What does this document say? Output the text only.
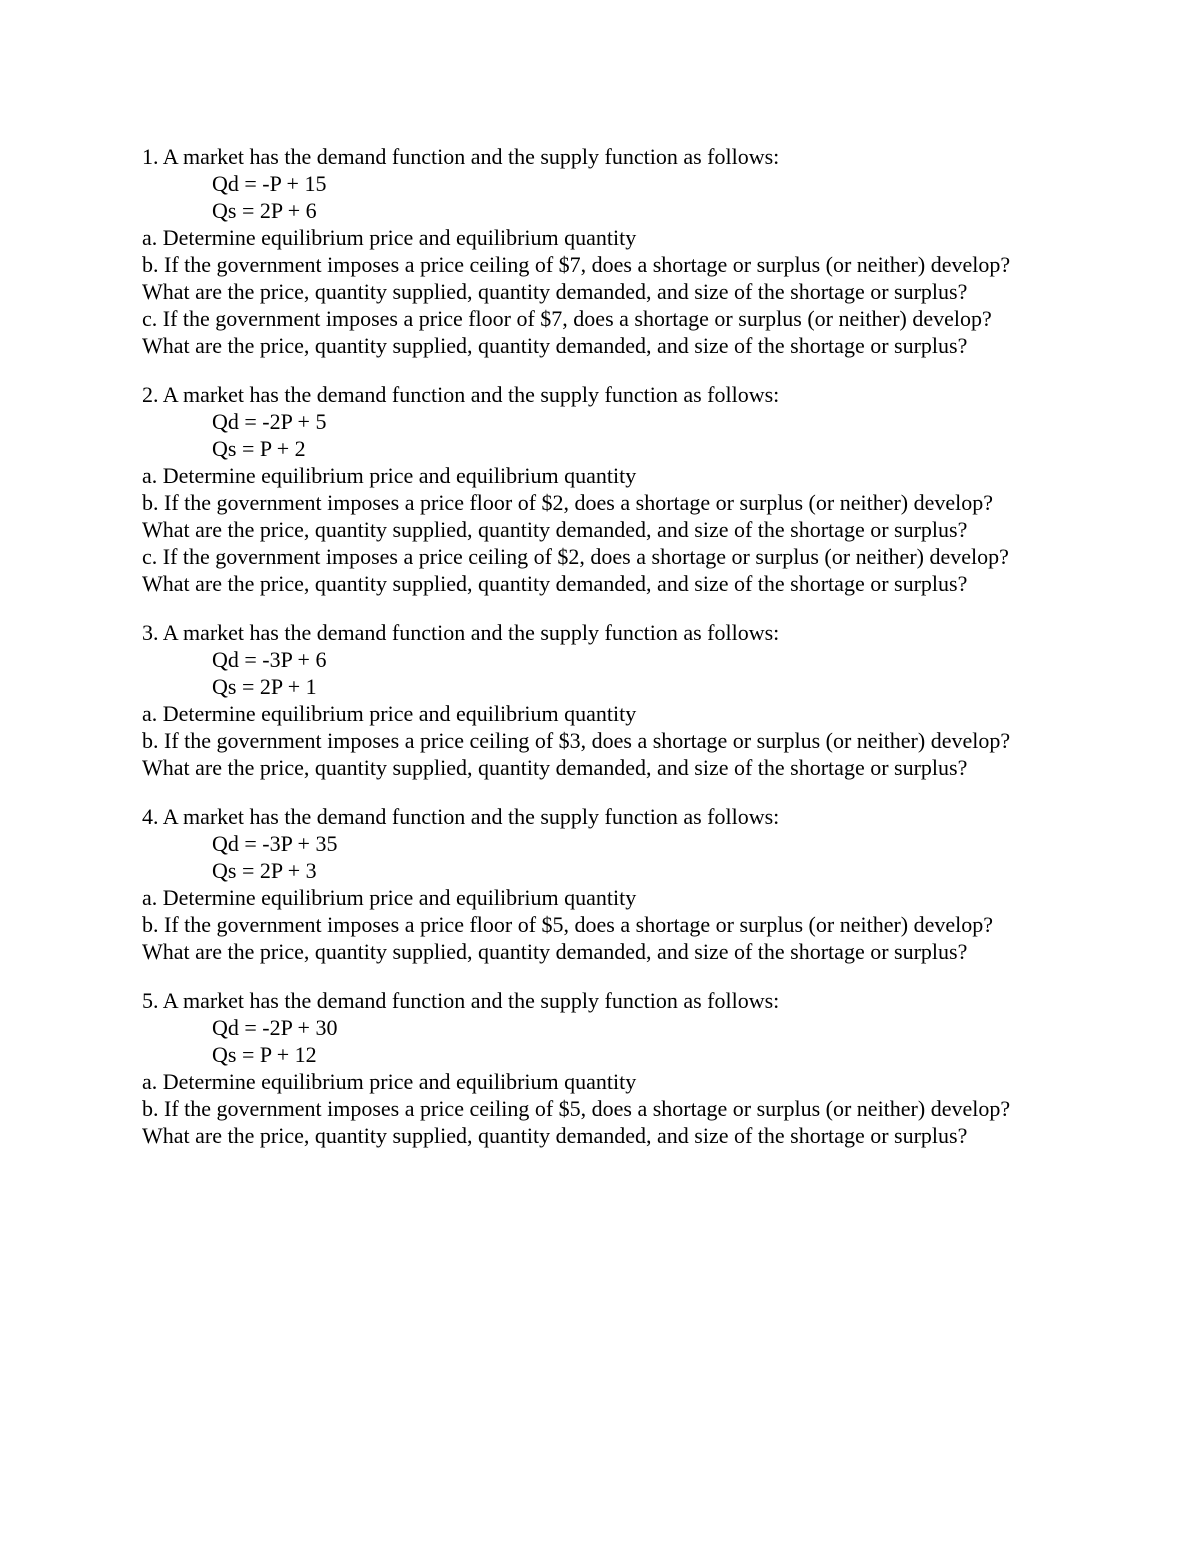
1. A market has the demand function and the supply function as follows:
Qd = -P + 15
Qs = 2P + 6
a. Determine equilibrium price and equilibrium quantity
b. If the government imposes a price ceiling of $7, does a shortage or surplus (or neither) develop?
What are the price, quantity supplied, quantity demanded, and size of the shortage or surplus?
c. If the government imposes a price floor of $7, does a shortage or surplus (or neither) develop?
What are the price, quantity supplied, quantity demanded, and size of the shortage or surplus?
2. A market has the demand function and the supply function as follows:
Qd = -2P + 5
Qs = P + 2
a. Determine equilibrium price and equilibrium quantity
b. If the government imposes a price floor of $2, does a shortage or surplus (or neither) develop?
What are the price, quantity supplied, quantity demanded, and size of the shortage or surplus?
c. If the government imposes a price ceiling of $2, does a shortage or surplus (or neither) develop?
What are the price, quantity supplied, quantity demanded, and size of the shortage or surplus?
3. A market has the demand function and the supply function as follows:
Qd = -3P + 6
Qs = 2P + 1
a. Determine equilibrium price and equilibrium quantity
b. If the government imposes a price ceiling of $3, does a shortage or surplus (or neither) develop?
What are the price, quantity supplied, quantity demanded, and size of the shortage or surplus?
4. A market has the demand function and the supply function as follows:
Qd = -3P + 35
Qs = 2P + 3
a. Determine equilibrium price and equilibrium quantity
b. If the government imposes a price floor of $5, does a shortage or surplus (or neither) develop?
What are the price, quantity supplied, quantity demanded, and size of the shortage or surplus?
5. A market has the demand function and the supply function as follows:
Qd = -2P + 30
Qs = P + 12
a. Determine equilibrium price and equilibrium quantity
b. If the government imposes a price ceiling of $5, does a shortage or surplus (or neither) develop?
What are the price, quantity supplied, quantity demanded, and size of the shortage or surplus?
